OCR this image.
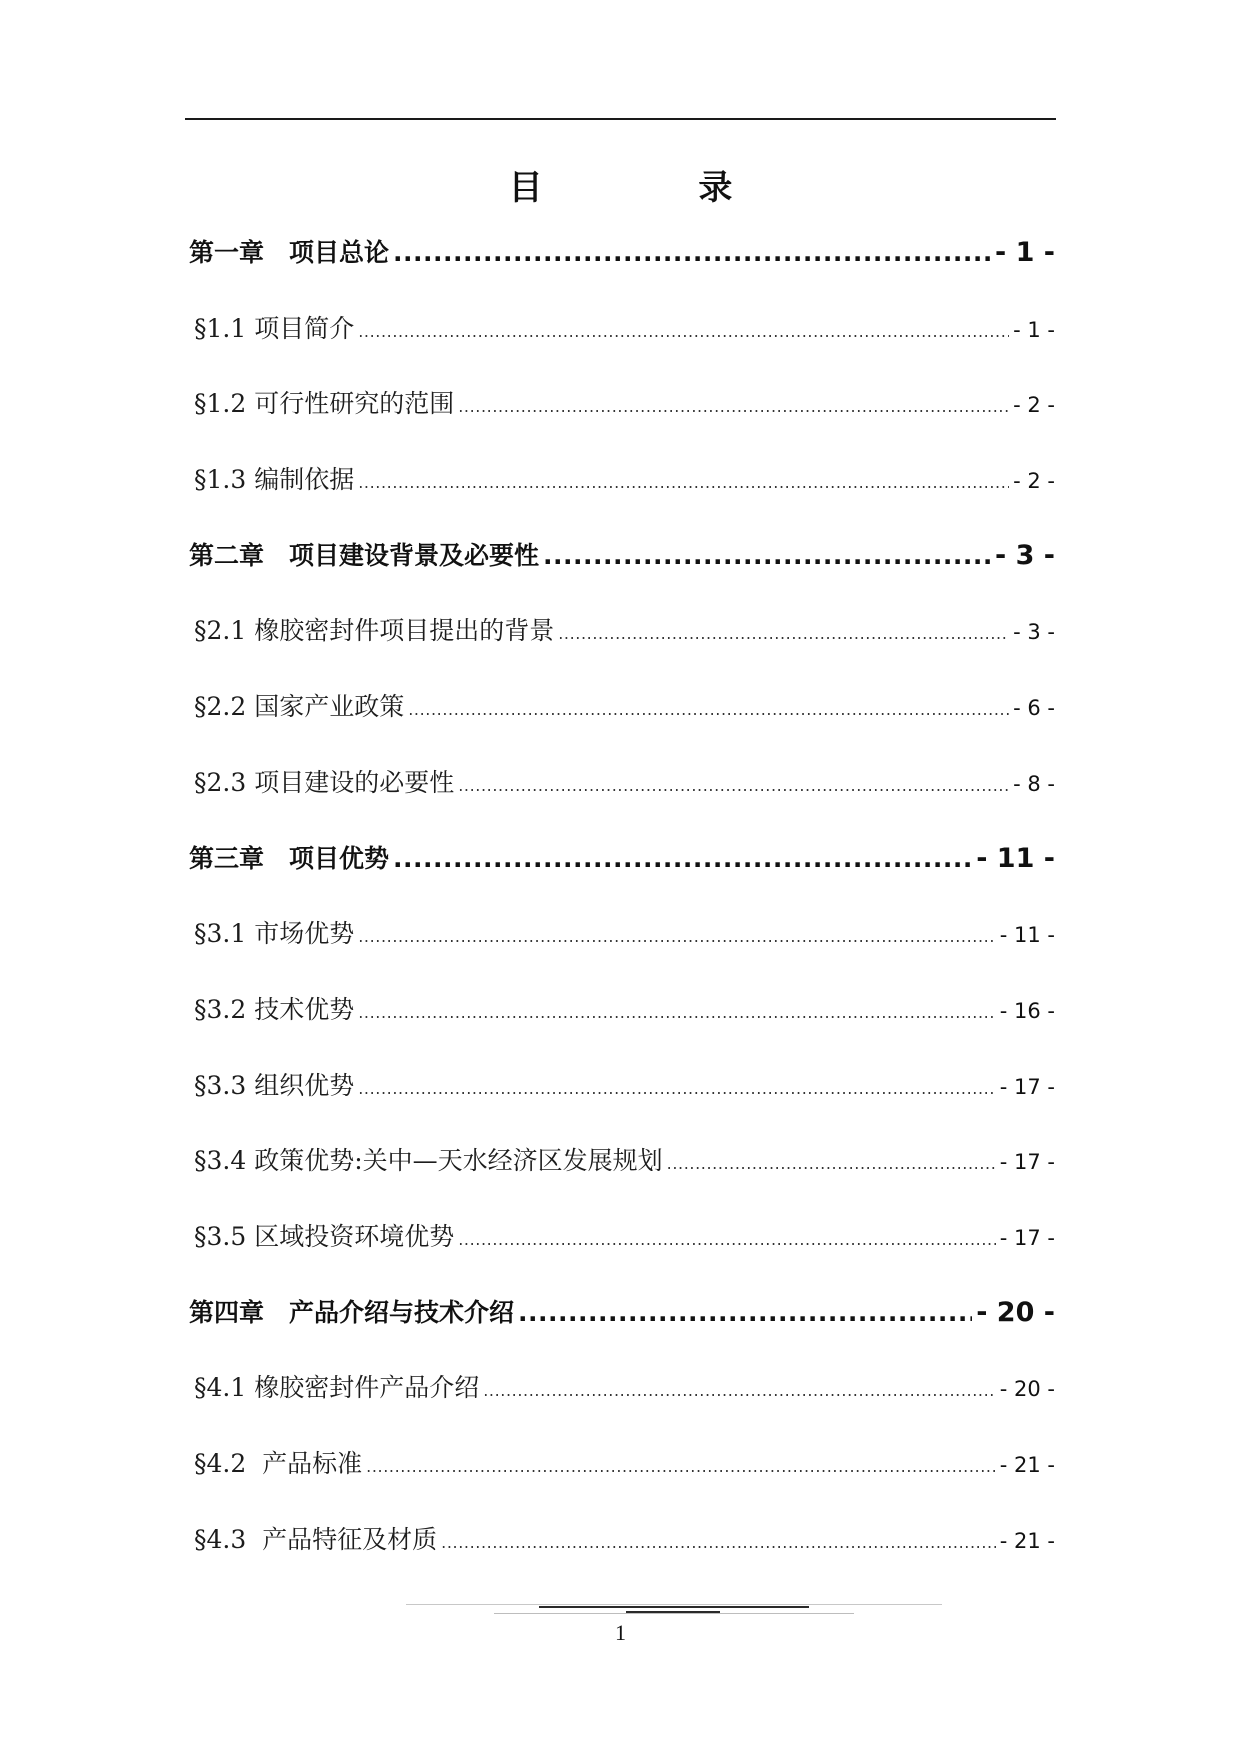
目 录
第一章　项目总论 .....	- 1 -
§1.1 项目简介 .....	- 1 -
§1.2 可行性研究的范围 .....	- 2 -
§1.3 编制依据 .....	- 2 -
第二章　项目建设背景及必要性 .....	- 3 -
§2.1 橡胶密封件项目提出的背景 .....	- 3 -
§2.2 国家产业政策 .....	- 6 -
§2.3 项目建设的必要性 .....	- 8 -
第三章　项目优势 .....	- 11 -
§3.1 市场优势 .....	- 11 -
§3.2 技术优势 .....	- 16 -
§3.3 组织优势 .....	- 17 -
§3.4 政策优势:关中—天水经济区发展规划 .....	- 17 -
§3.5 区域投资环境优势 .....	- 17 -
第四章　产品介绍与技术介绍 .....	- 20 -
§4.1 橡胶密封件产品介绍 .....	- 20 -
§4.2  产品标准 .....	- 21 -
§4.3  产品特征及材质 .....	- 21 -
1
